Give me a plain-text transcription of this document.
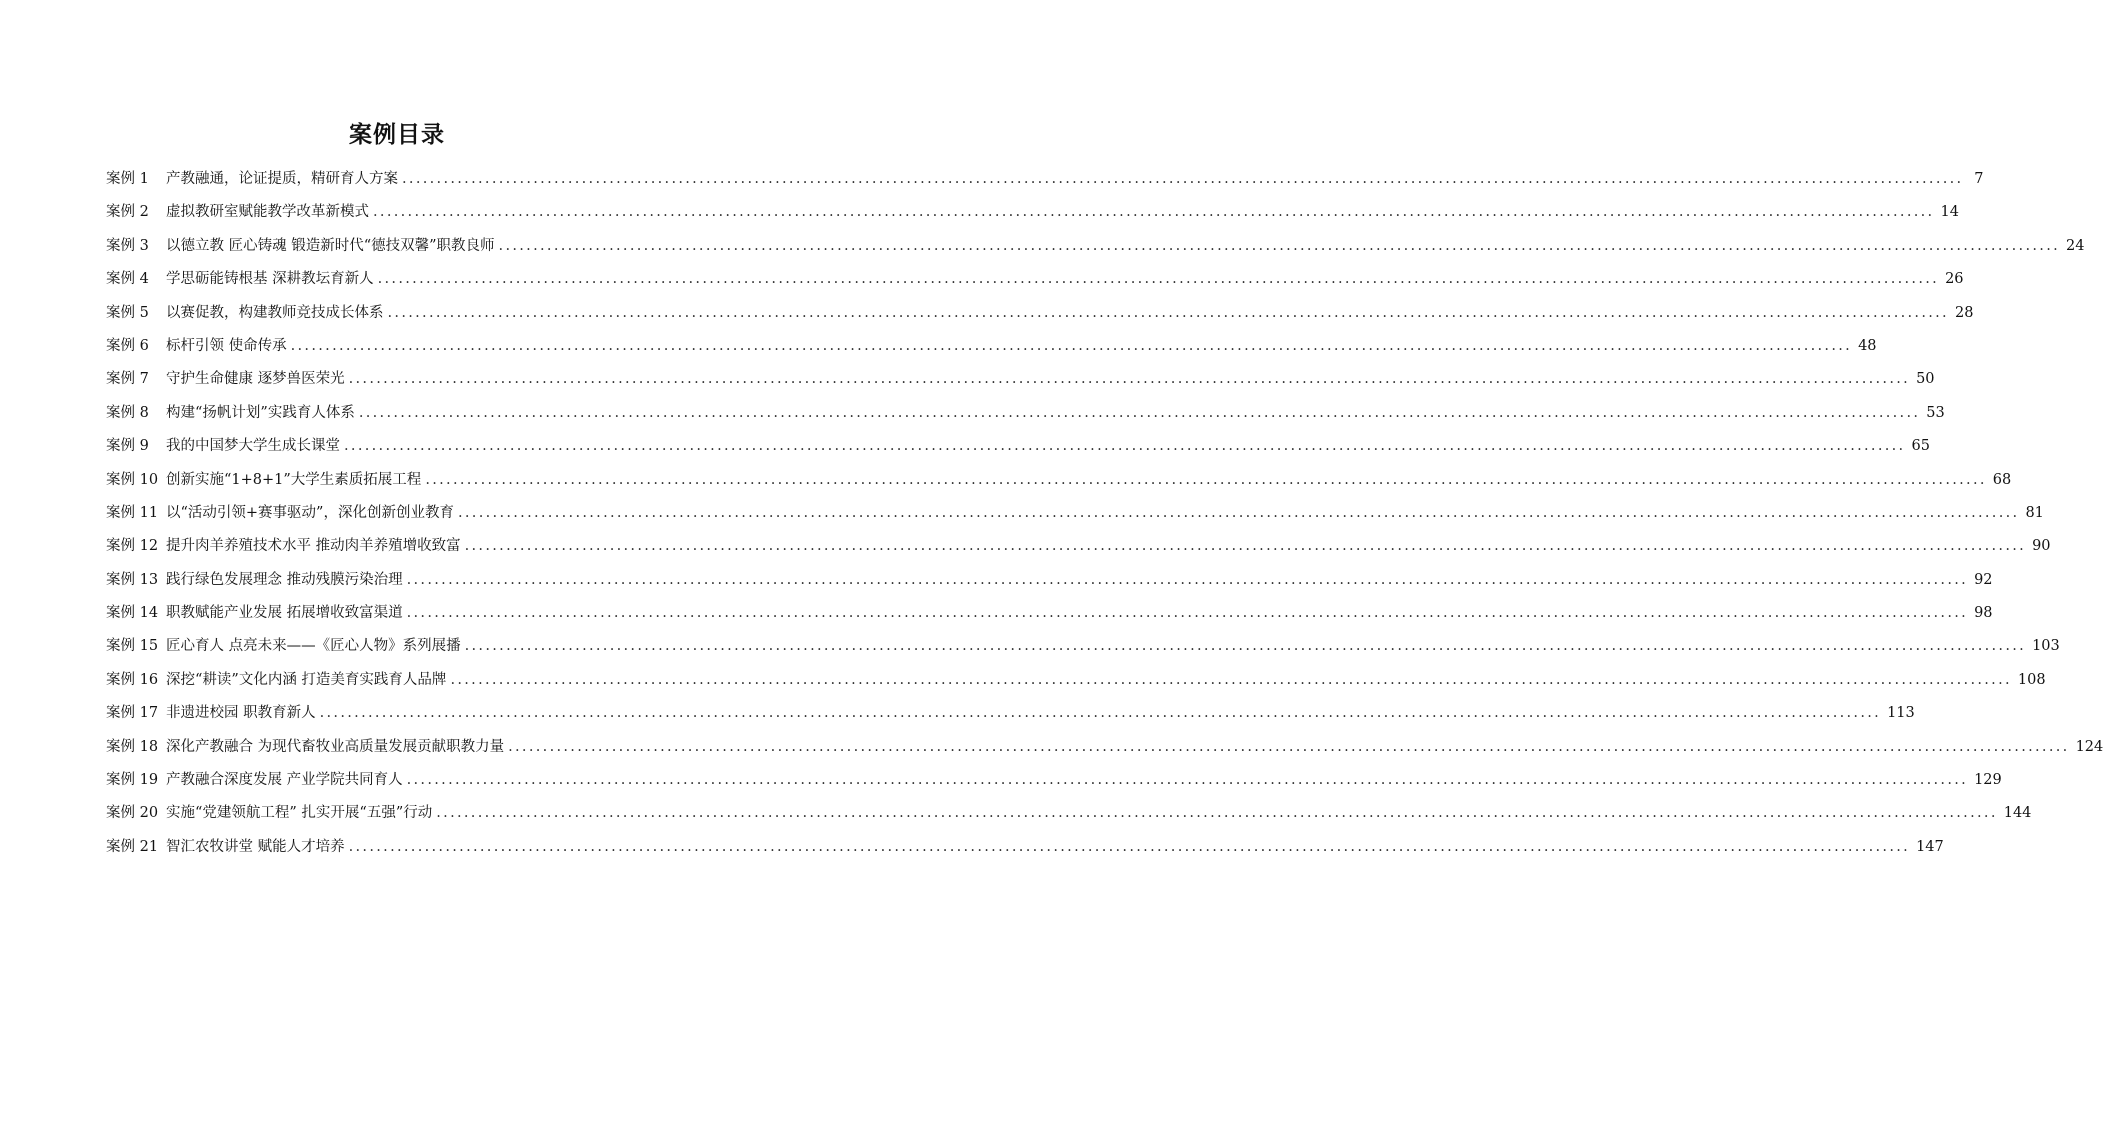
案例目录
案例 1	产教融通，论证提质，精研育人方案 .....	7
案例 2	虚拟教研室赋能教学改革新模式 .....	14
案例 3	以德立教 匠心铸魂 锻造新时代“德技双馨”职教良师 .....	24
案例 4	学思砺能铸根基 深耕教坛育新人 .....	26
案例 5	以赛促教，构建教师竞技成长体系 .....	28
案例 6	标杆引领 使命传承 .....	48
案例 7	守护生命健康 逐梦兽医荣光 .....	50
案例 8	构建“扬帆计划”实践育人体系 .....	53
案例 9	我的中国梦大学生成长课堂 .....	65
案例 10 创新实施“1+8+1”大学生素质拓展工程 .....	68
案例 11 以“活动引领+赛事驱动”，深化创新创业教育 .....	81
案例 12 提升肉羊养殖技术水平 推动肉羊养殖增收致富 .....	90
案例 13 践行绿色发展理念 推动残膜污染治理 .....	92
案例 14 职教赋能产业发展 拓展增收致富渠道 .....	98
案例 15 匠心育人 点亮未来——《匠心人物》系列展播 .....	103
案例 16 深挖“耕读”文化内涵 打造美育实践育人品牌 .....	108
案例 17 非遗进校园 职教育新人 .....	113
案例 18 深化产教融合 为现代畜牧业高质量发展贡献职教力量 .....	124
案例 19 产教融合深度发展 产业学院共同育人 .....	129
案例 20 实施“党建领航工程” 扎实开展“五强”行动 .....	144
案例 21 智汇农牧讲堂 赋能人才培养 .....	147
